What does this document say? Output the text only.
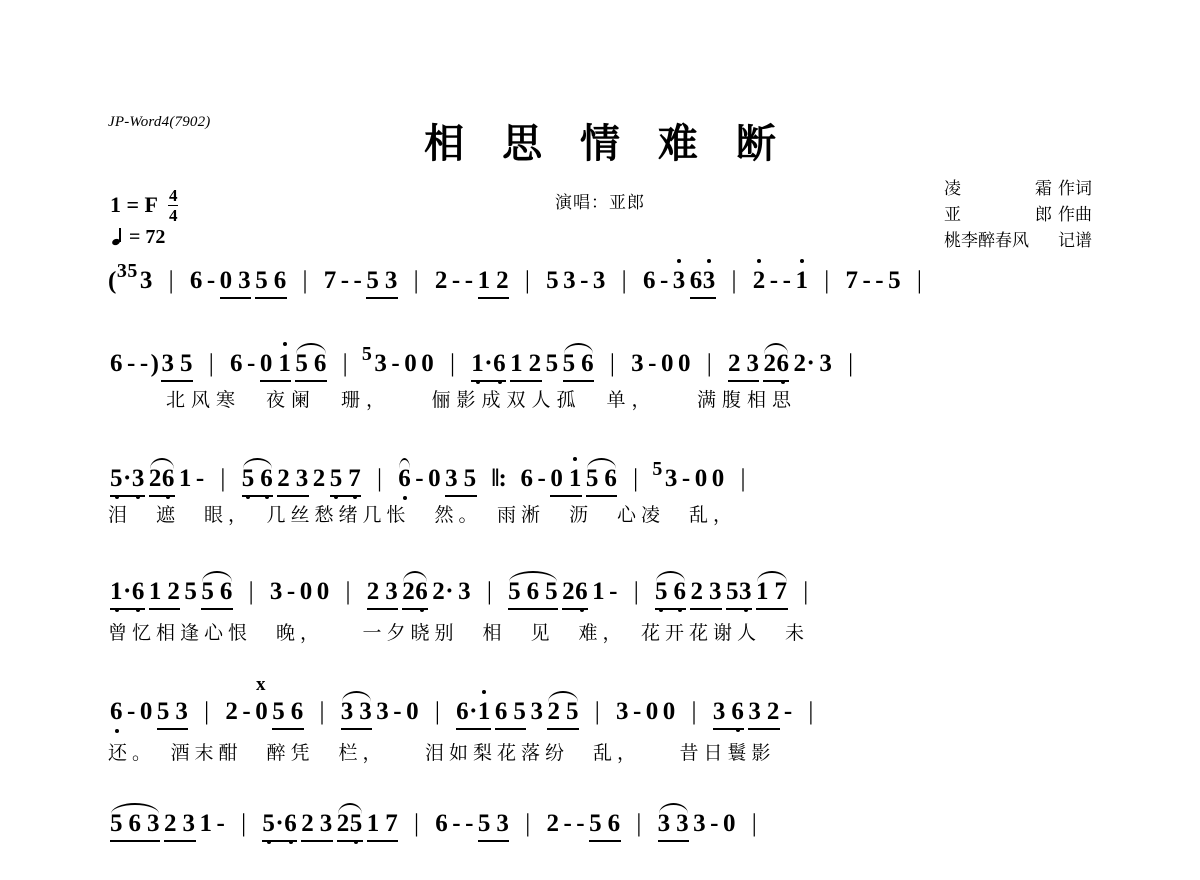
JP-Word4(7902)	相 思 情 难 断
演唱：亚郎
凌	霜 作词
亚	郎 作曲
桃李醉春风	记谱
1 = F $\frac{4}{4}$
= 72
($^{35}$3 | 6 - 0 3 5 6 | 7 - - 5 3 | 2 - - 1 2 | 5 3 - 3 | 6 - 3 63 | 2 - - 1 | 7 - - 5 |
6 - -)3 5 | 6 - 0 1 5 6 | $^5$3 - 0 0 | 1·6 1 2 5 5 6 | 3 - 0 0 | 2 3 26 2· 3 |
北风寒　夜阑　珊，　　俪影成双人孤　单，　　满腹相思
5·3 26 1 - | 5  6 2 3 2 5  7 | 6 - 0 3 5 ‖: 6 - 0 1 5 6 | $^5$3 - 0 0 |
泪　遮　眼，　几丝愁绪几怅　然。　雨淅　沥　心凌　乱，
1·6 1 2 5 5 6 | 3 - 0 0 | 2 3 26 2· 3 | 5 6 5 26 1 - | 5  6 2 3 53 1 7 |
曾忆相逢心恨　晚，　　一夕晓别　相　见　难，　花开花谢人　未
x
6 - 0 5 3 | 2 - 0 5 6 | 3 3 3 - 0 | 6·1 6 5 3 2 5 | 3 - 0 0 | 3 6 3 2 - |
还。　酒末酣　醉凭　栏，　　泪如梨花落纷　乱，　　昔日鬟影
5 6 3 2 3 1 - | 5·6 2 3 25 1 7 | 6 - - 5 3 | 2 - - 5 6 | 3 3 3 - 0 |
